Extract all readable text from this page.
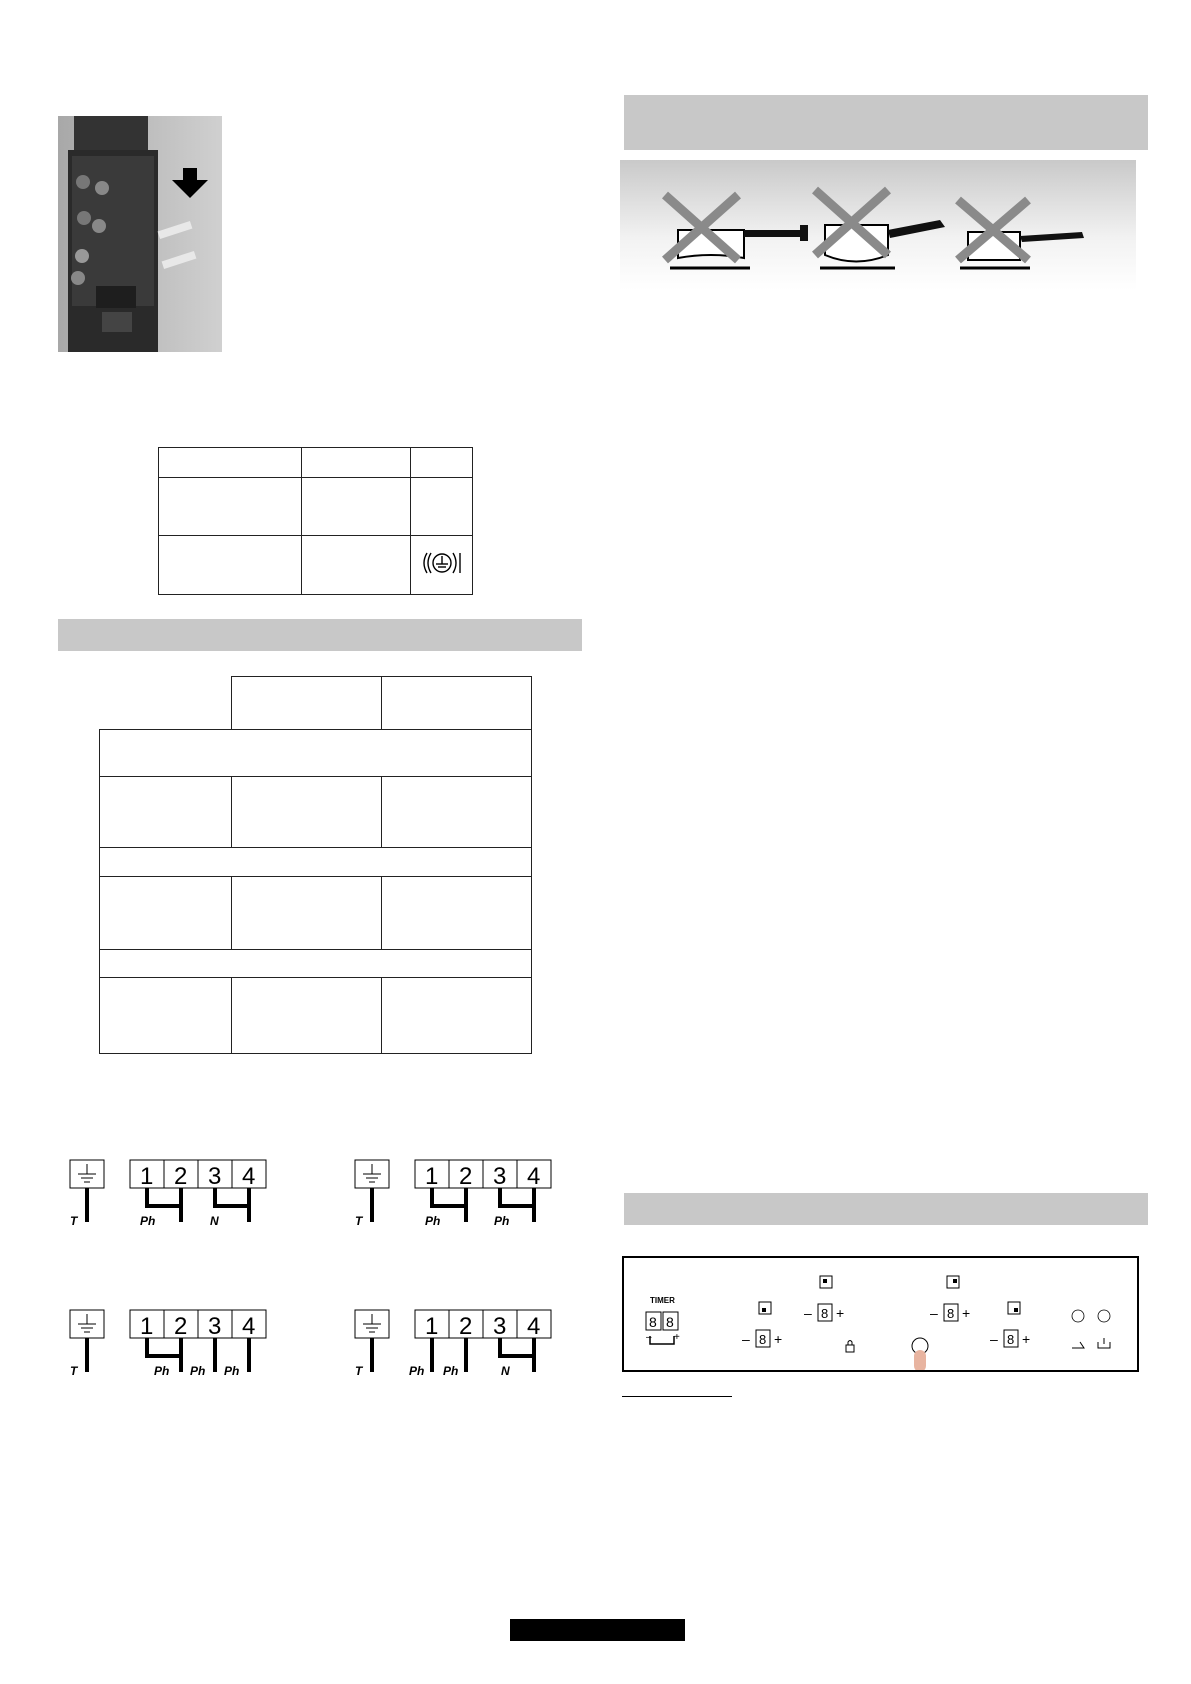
T
1 2 3 4
Ph	N	T
1 2 3 4
Ph	Ph
T
1 2 3 4
Ph Ph Ph	T
1 2 3 4
Ph Ph	N
TIMER
8 8
– +	– 8 +
– 8 +	– 8 +
– 8 +
